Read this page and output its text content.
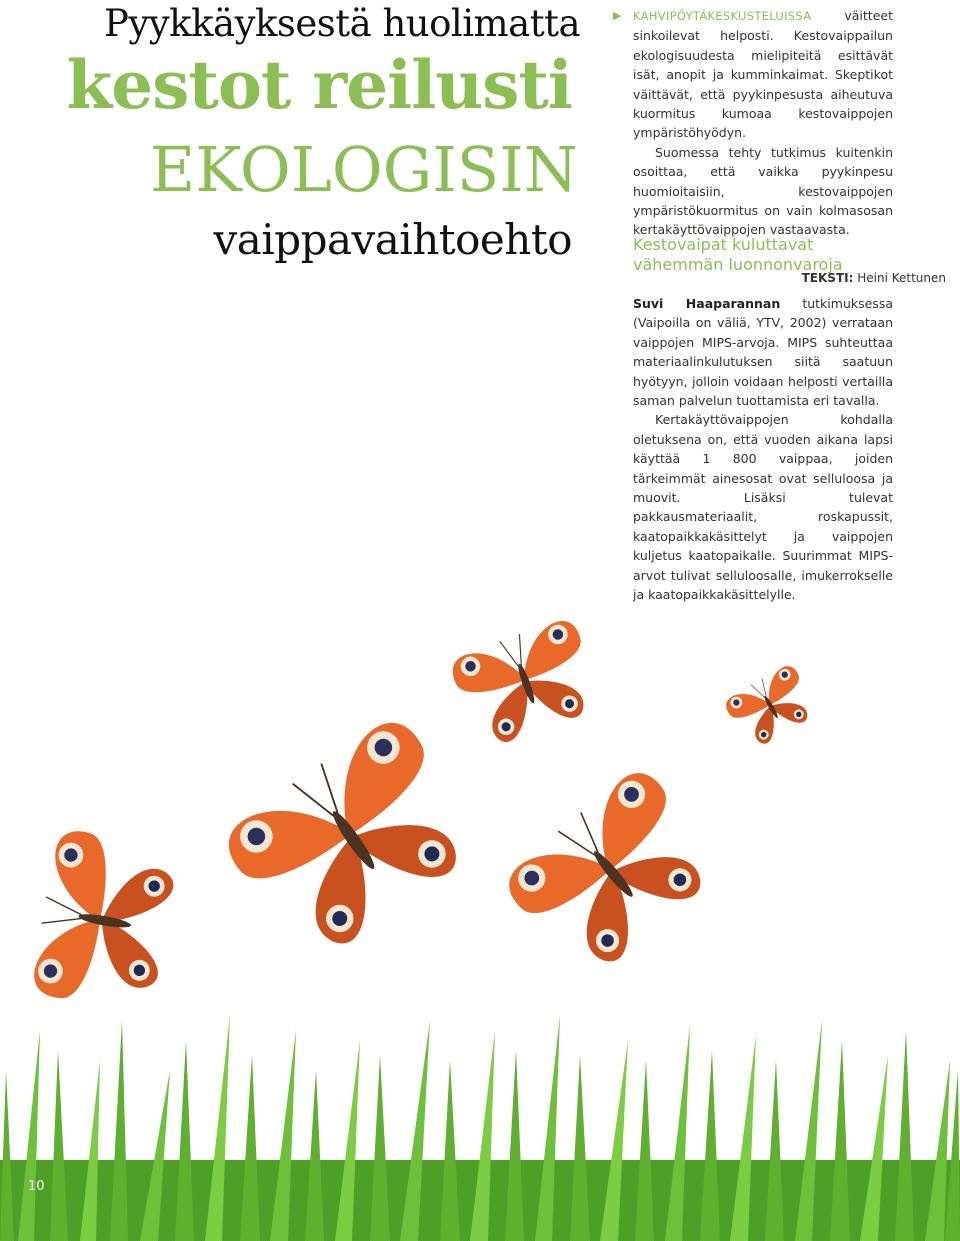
Pyykkäyksestä huolimatta
kestot reilusti
EKOLOGISIN
vaippavaihtoehto
TEKSTI: Heini Kettunen
▶ KAHVIPÖYTÄKESKUSTELUISSA väitteet sinkoilevat helposti. Kestovaippailun ekologisuudesta mielipiteitä esittävät isät, anopit ja kumminkaimat. Skeptikot väittävät, että pyykinpesusta aiheutuva kuormitus kumoaa kestovaippojen ympäristöhyödyn.

Suomessa tehty tutkimus kuitenkin osoittaa, että vaikka pyykinpesu huomioitaisiin, kestovaippojen ympäristökuormitus on vain kolmasosan kertakäyttövaippojen vastaavasta.

Kestovaipat kuluttavat vähemmän luonnonvaroja

Suvi Haaparannan tutkimuksessa (Vaipoilla on väliä, YTV, 2002) verrataan vaippojen MIPS-arvoja. MIPS suhteuttaa materiaalinkulutuksen siitä saatuun hyötyyn, jolloin voidaan helposti vertailla saman palvelun tuottamista eri tavalla.

Kertakäyttövaippojen kohdalla oletuksena on, että vuoden aikana lapsi käyttää 1 800 vaippaa, joiden tärkeimmät ainesosat ovat selluloosa ja muovit. Lisäksi tulevat pakkausmateriaalit, roskapussit, kaatopaikkakäsittelyt ja vaippojen kuljetus kaatopaikalle. Suurimmat MIPS-arvot tulivat selluloosalle, imukerrokselle ja kaatopaikkakäsittelylle.

10
